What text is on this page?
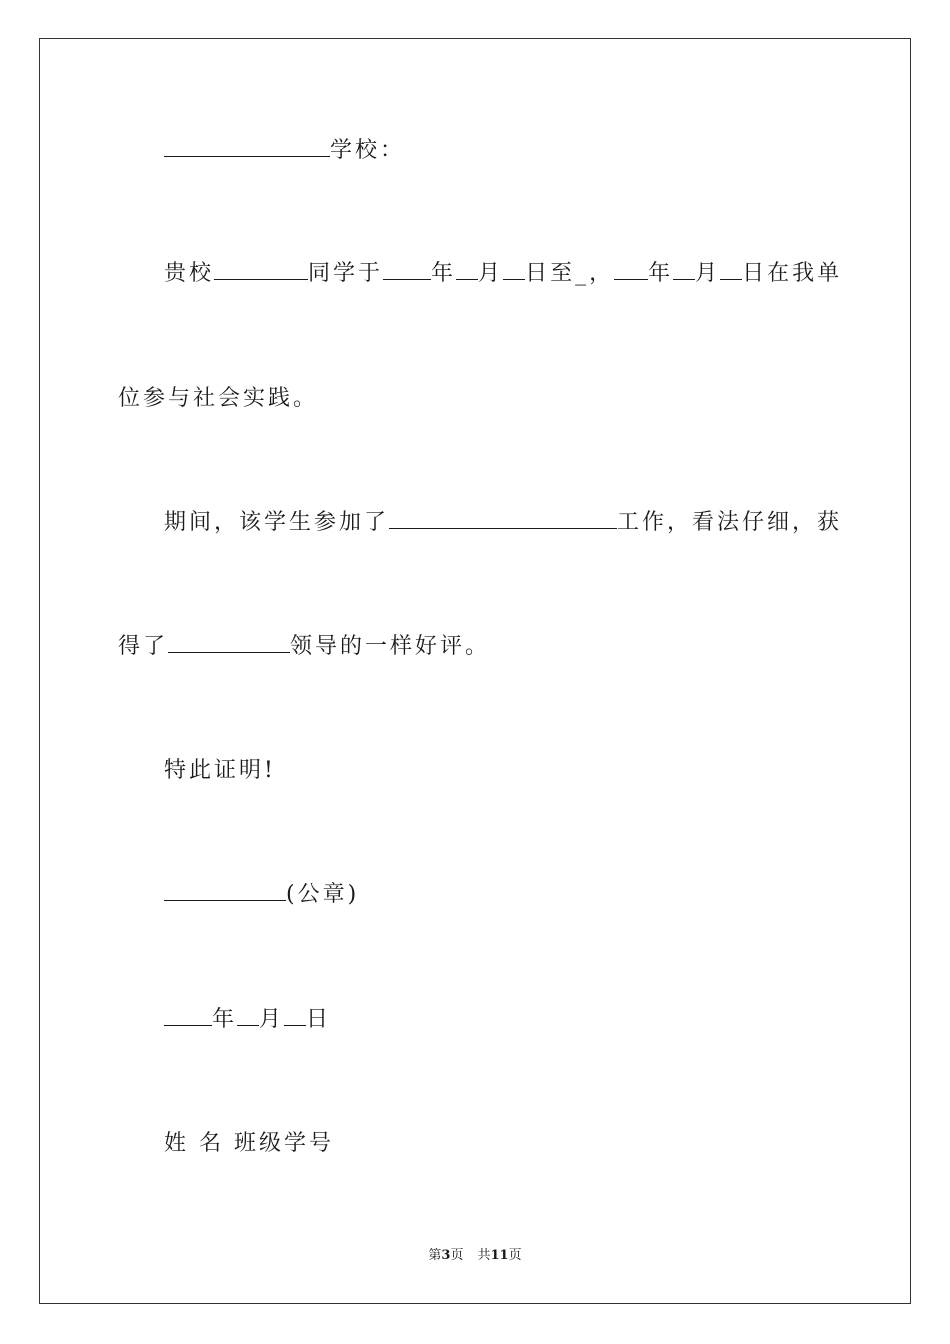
学校：
贵校	同学于 年 月 日至_， 年 月 日在我单
位参与社会实践。
期间，该学生参加了	工作，看法仔细，获
得了	领导的一样好评。
特此证明!
(公章)
年 月 日
姓 名 班级学号
第3页 共11页
